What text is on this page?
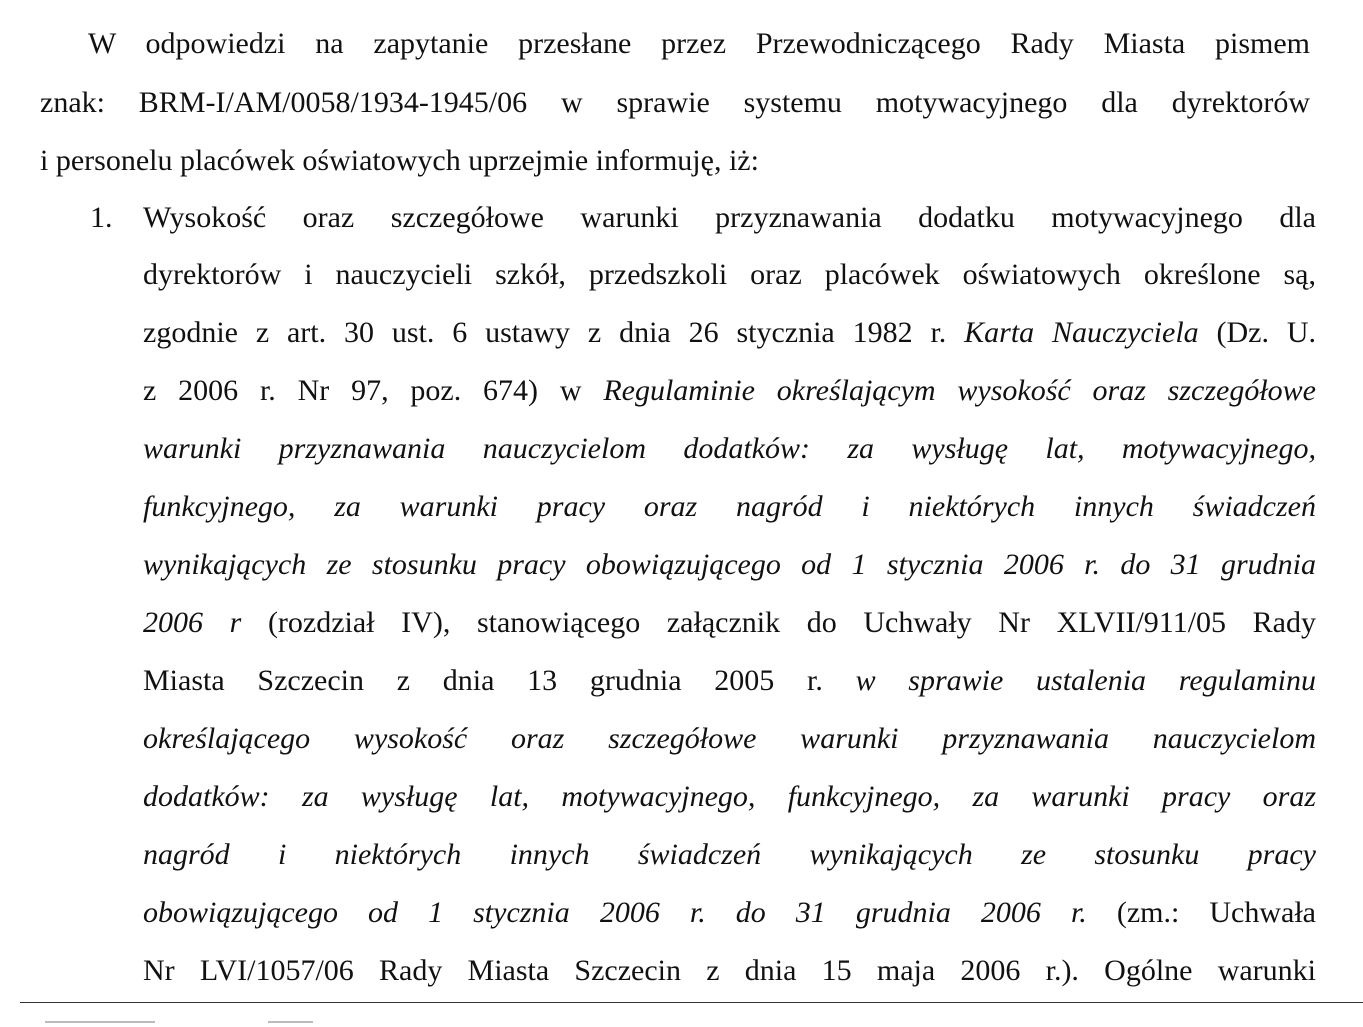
W odpowiedzi na zapytanie przesłane przez Przewodniczącego Rady Miasta pismem
znak: BRM-I/AM/0058/1934-1945/06 w sprawie systemu motywacyjnego dla dyrektorów
i personelu placówek oświatowych uprzejmie informuję, iż:
1. Wysokość oraz szczegółowe warunki przyznawania dodatku motywacyjnego dla
dyrektorów i nauczycieli szkół, przedszkoli oraz placówek oświatowych określone są,
zgodnie z art. 30 ust. 6 ustawy z dnia 26 stycznia 1982 r. Karta Nauczyciela (Dz. U.
z 2006 r. Nr 97, poz. 674) w Regulaminie określającym wysokość oraz szczegółowe
warunki przyznawania nauczycielom dodatków: za wysługę lat, motywacyjnego,
funkcyjnego, za warunki pracy oraz nagród i niektórych innych świadczeń
wynikających ze stosunku pracy obowiązującego od 1 stycznia 2006 r. do 31 grudnia
2006 r (rozdział IV), stanowiącego załącznik do Uchwały Nr XLVII/911/05 Rady
Miasta Szczecin z dnia 13 grudnia 2005 r. w sprawie ustalenia regulaminu
określającego wysokość oraz szczegółowe warunki przyznawania nauczycielom
dodatków: za wysługę lat, motywacyjnego, funkcyjnego, za warunki pracy oraz
nagród i niektórych innych świadczeń wynikających ze stosunku pracy
obowiązującego od 1 stycznia 2006 r. do 31 grudnia 2006 r. (zm.: Uchwała
Nr LVI/1057/06 Rady Miasta Szczecin z dnia 15 maja 2006 r.). Ogólne warunki
